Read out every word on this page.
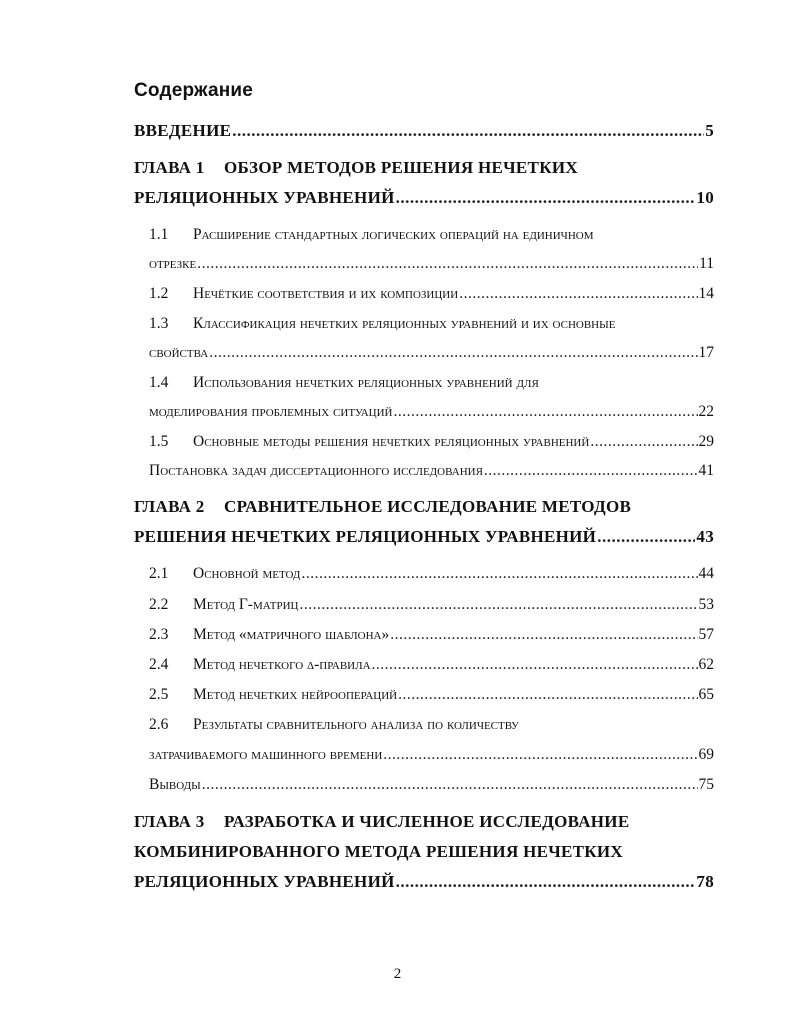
Содержание
ВВЕДЕНИЕ .....	5
ГЛАВА 1 ОБЗОР МЕТОДОВ РЕШЕНИЯ НЕЧЕТКИХ
РЕЛЯЦИОННЫХ УРАВНЕНИЙ .....	10
1.1 Расширение стандартных логических операций на единичном
отрезке .....	11
1.2 Нечёткие соответствия и их композиции .....	14
1.3 Классификация нечетких реляционных уравнений и их основные
свойства .....	17
1.4 Использования нечетких реляционных уравнений для
моделирования проблемных ситуаций .....	22
1.5 Основные методы решения нечетких реляционных уравнений .....	29
Постановка задач диссертационного исследования .....	41
ГЛАВА 2 СРАВНИТЕЛЬНОЕ ИССЛЕДОВАНИЕ МЕТОДОВ
РЕШЕНИЯ НЕЧЕТКИХ РЕЛЯЦИОННЫХ УРАВНЕНИЙ .....	43
2.1 Основной метод .....	44
2.2 Метод Г-матриц .....	53
2.3 Метод «матричного шаблона» .....	57
2.4 Метод нечеткого δ-правила .....	62
2.5 Метод нечетких нейроопераций .....	65
2.6 Результаты сравнительного анализа по количеству
затрачиваемого машинного времени .....	69
Выводы .....	75
ГЛАВА 3 РАЗРАБОТКА И ЧИСЛЕННОЕ ИССЛЕДОВАНИЕ
КОМБИНИРОВАННОГО МЕТОДА РЕШЕНИЯ НЕЧЕТКИХ
РЕЛЯЦИОННЫХ УРАВНЕНИЙ .....	78
2
